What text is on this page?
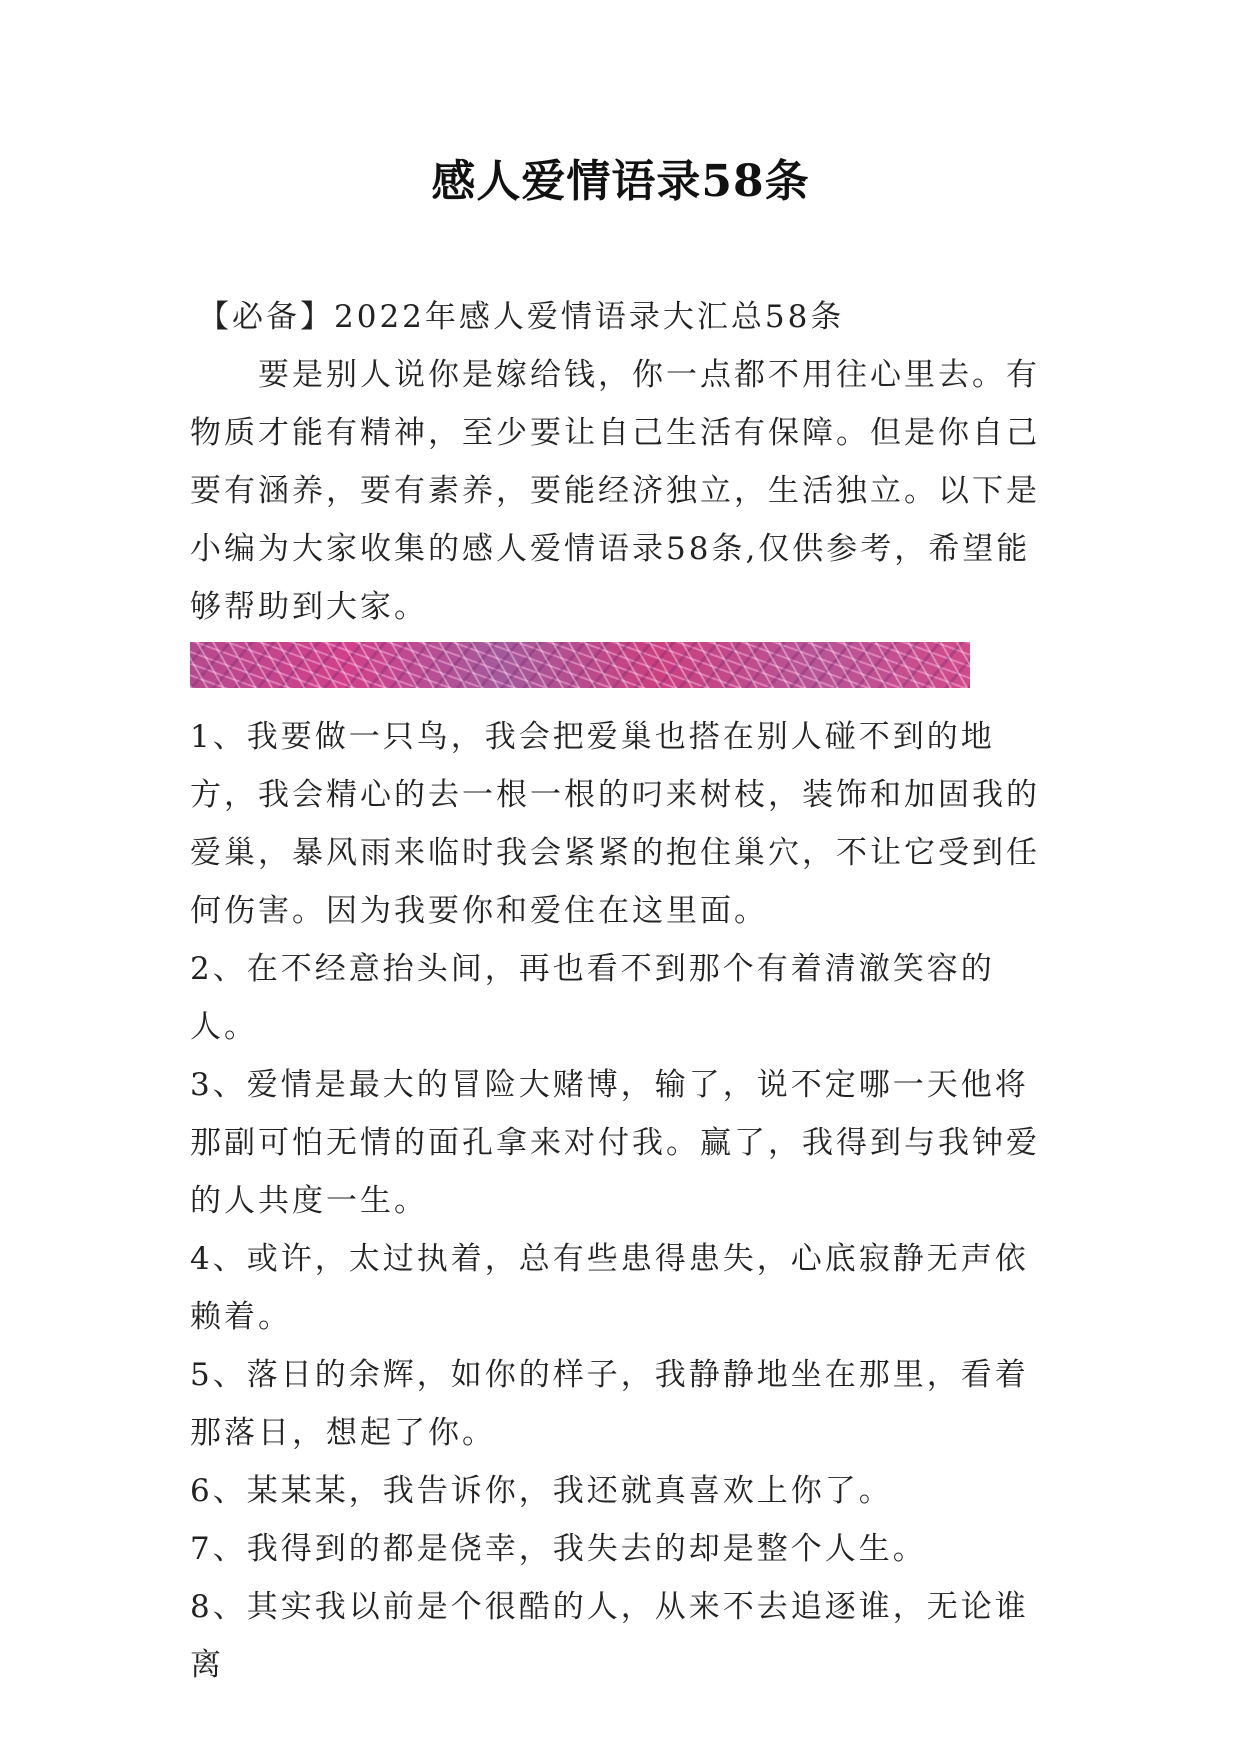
感人爱情语录58条

【必备】2022年感人爱情语录大汇总58条

要是别人说你是嫁给钱，你一点都不用往心里去。有物质才能有精神，至少要让自己生活有保障。但是你自己要有涵养，要有素养，要能经济独立，生活独立。以下是小编为大家收集的感人爱情语录58条,仅供参考，希望能够帮助到大家。

1、我要做一只鸟，我会把爱巢也搭在别人碰不到的地方，我会精心的去一根一根的叼来树枝，装饰和加固我的爱巢，暴风雨来临时我会紧紧的抱住巢穴，不让它受到任何伤害。因为我要你和爱住在这里面。

2、在不经意抬头间，再也看不到那个有着清澈笑容的人。

3、爱情是最大的冒险大赌博，输了，说不定哪一天他将那副可怕无情的面孔拿来对付我。赢了，我得到与我钟爱的人共度一生。

4、或许，太过执着，总有些患得患失，心底寂静无声依赖着。

5、落日的余辉，如你的样子，我静静地坐在那里，看着那落日，想起了你。

6、某某某，我告诉你，我还就真喜欢上你了。

7、我得到的都是侥幸，我失去的却是整个人生。

8、其实我以前是个很酷的人，从来不去追逐谁，无论谁离
